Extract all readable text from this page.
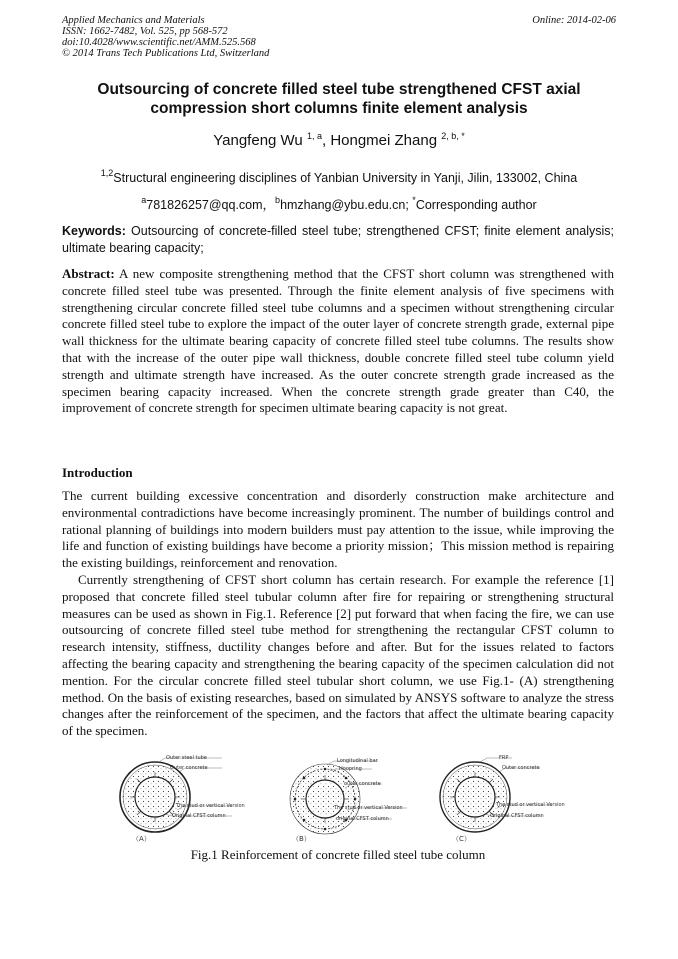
Applied Mechanics and Materials
ISSN: 1662-7482, Vol. 525, pp 568-572
doi:10.4028/www.scientific.net/AMM.525.568
© 2014 Trans Tech Publications Ltd, Switzerland
Online: 2014-02-06
Outsourcing of concrete filled steel tube strengthened CFST axial compression short columns finite element analysis
Yangfeng Wu $^{1, a}$, Hongmei Zhang $^{2, b, *}$
$^{1,2}$Structural engineering disciplines of Yanbian University in Yanji, Jilin, 133002, China
$^a$781826257@qq.com，$^b$hmzhang@ybu.edu.cn; *Corresponding author
Keywords: Outsourcing of concrete-filled steel tube; strengthened CFST; finite element analysis; ultimate bearing capacity;
Abstract: A new composite strengthening method that the CFST short column was strengthened with concrete filled steel tube was presented. Through the finite element analysis of five specimens with strengthening circular concrete filled steel tube columns and a specimen without strengthening circular concrete filled steel tube to explore the impact of the outer layer of concrete strength grade, external pipe wall thickness for the ultimate bearing capacity of concrete filled steel tube columns. The results show that with the increase of the outer pipe wall thickness, double concrete filled steel tube column yield strength and ultimate strength have increased. As the outer concrete strength grade increased as the specimen bearing capacity increased. When the concrete strength grade greater than C40, the improvement of concrete strength for specimen ultimate bearing capacity is not great.
Introduction

The current building excessive concentration and disorderly construction make architecture and environmental contradictions have become increasingly prominent. The number of buildings control and rational planning of buildings into modern builders must pay attention to the issue, while improving the life and function of existing buildings have become a priority mission；This mission method is repairing the existing buildings, reinforcement and renovation.

Currently strengthening of CFST short column has certain research. For example the reference [1] proposed that concrete filled steel tubular column after fire for repairing or strengthening structural measures can be used as shown in Fig.1. Reference [2] put forward that when facing the fire, we can use outsourcing of concrete filled steel tube method for strengthening the rectangular CFST column to research intensity, stiffness, ductility changes before and after. But for the issues related to factors affecting the bearing capacity and strengthening the bearing capacity of the specimen calculation did not mention. For the circular concrete filled steel tubular short column, we use Fig.1- (A) strengthening method. On the basis of existing researches, based on simulated by ANSYS software to analyze the stress changes after the reinforcement of the specimen, and the factors that affect the ultimate bearing capacity of the specimen.

Outer steel tube
Outer concrete
The stud or vertical Version
Original CFST column
（A）
Longitudinal bar
Hoopring
outer concrete
The stud or vertical Version
original CFST column
（B）
FRP
Outer concrete
The stud or vertical Version
Original CFST column
（C）
Fig.1 Reinforcement of concrete filled steel tube column
